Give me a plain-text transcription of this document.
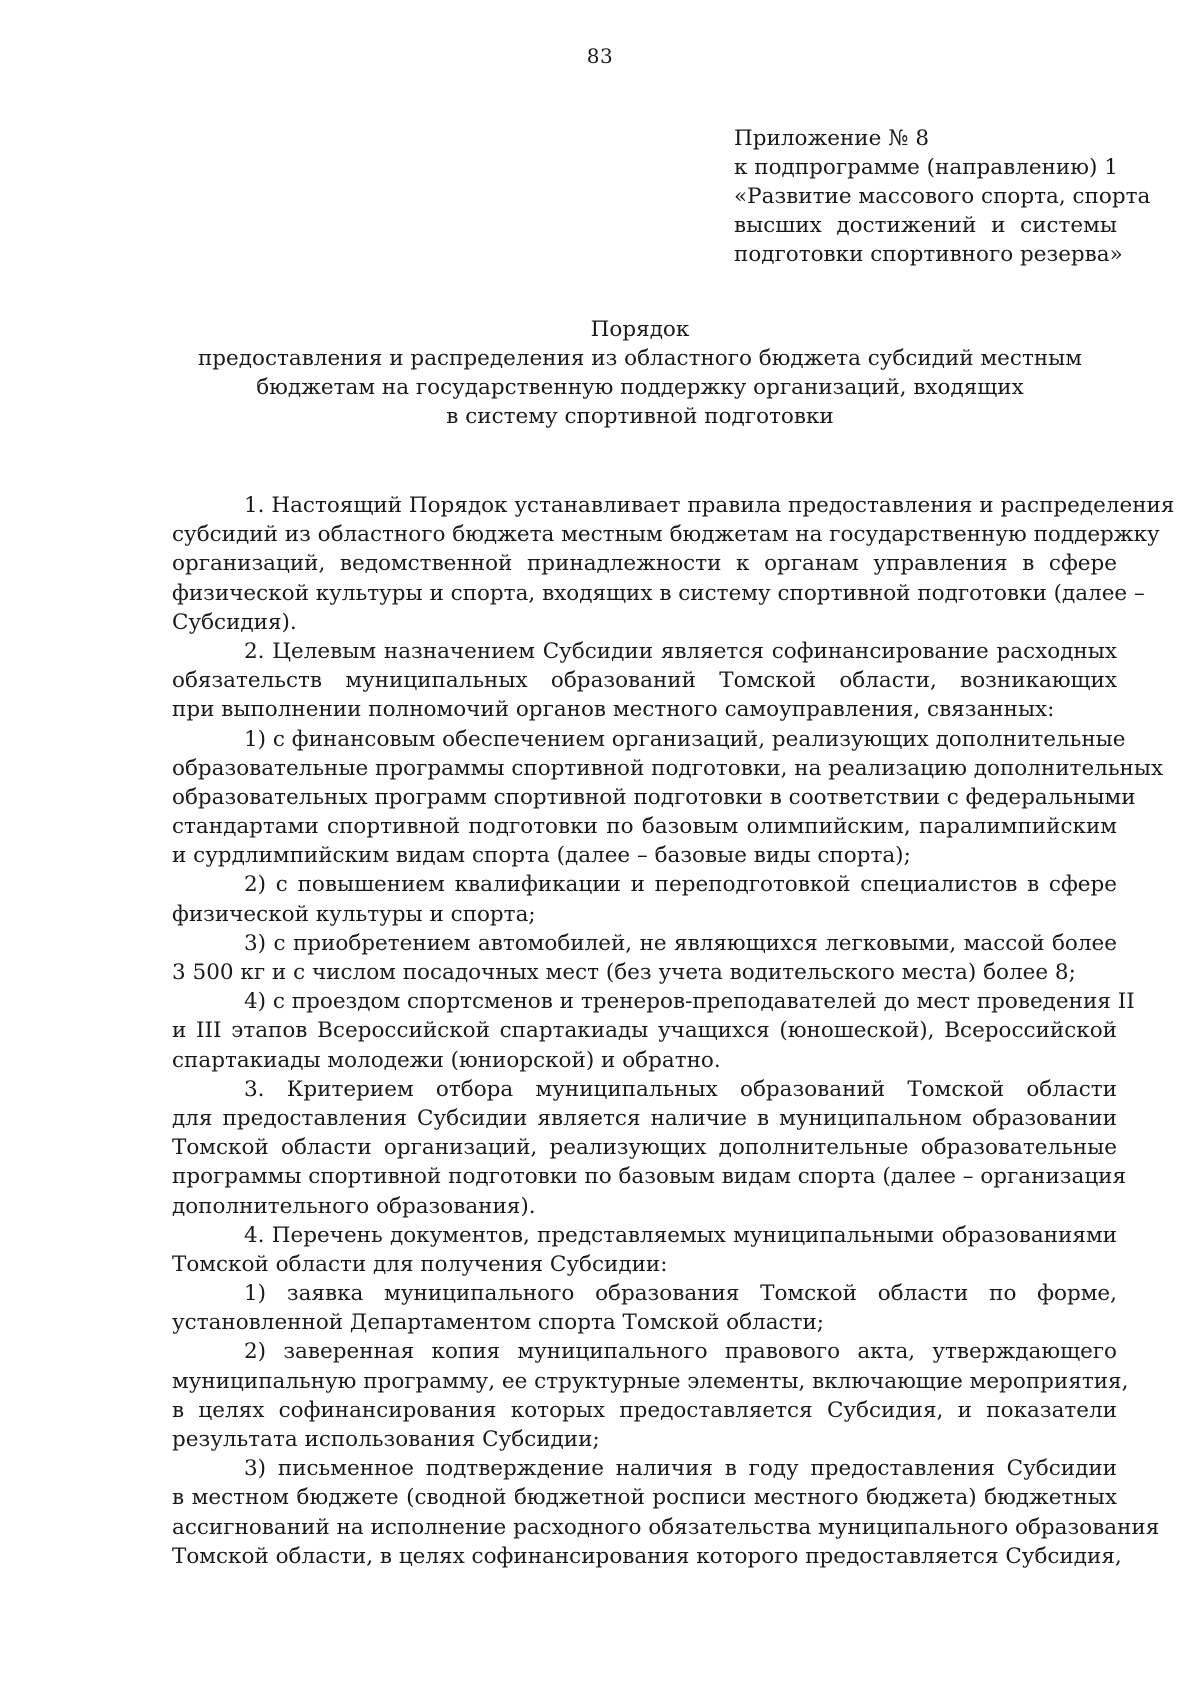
83
Приложение № 8
к подпрограмме (направлению) 1
«Развитие массового спорта, спорта
высших достижений и системы
подготовки спортивного резерва»
Порядок
предоставления и распределения из областного бюджета субсидий местным
бюджетам на государственную поддержку организаций, входящих
в систему спортивной подготовки
1. Настоящий Порядок устанавливает правила предоставления и распределения
субсидий из областного бюджета местным бюджетам на государственную поддержку
организаций, ведомственной принадлежности к органам управления в сфере
физической культуры и спорта, входящих в систему спортивной подготовки (далее –
Субсидия).
2. Целевым назначением Субсидии является софинансирование расходных
обязательств муниципальных образований Томской области, возникающих
при выполнении полномочий органов местного самоуправления, связанных:
1) с финансовым обеспечением организаций, реализующих дополнительные
образовательные программы спортивной подготовки, на реализацию дополнительных
образовательных программ спортивной подготовки в соответствии с федеральными
стандартами спортивной подготовки по базовым олимпийским, паралимпийским
и сурдлимпийским видам спорта (далее – базовые виды спорта);
2) с повышением квалификации и переподготовкой специалистов в сфере
физической культуры и спорта;
3) с приобретением автомобилей, не являющихся легковыми, массой более
3 500 кг и с числом посадочных мест (без учета водительского места) более 8;
4) с проездом спортсменов и тренеров-преподавателей до мест проведения II
и III этапов Всероссийской спартакиады учащихся (юношеской), Всероссийской
спартакиады молодежи (юниорской) и обратно.
3. Критерием отбора муниципальных образований Томской области
для предоставления Субсидии является наличие в муниципальном образовании
Томской области организаций, реализующих дополнительные образовательные
программы спортивной подготовки по базовым видам спорта (далее – организация
дополнительного образования).
4. Перечень документов, представляемых муниципальными образованиями
Томской области для получения Субсидии:
1) заявка муниципального образования Томской области по форме,
установленной Департаментом спорта Томской области;
2) заверенная копия муниципального правового акта, утверждающего
муниципальную программу, ее структурные элементы, включающие мероприятия,
в целях софинансирования которых предоставляется Субсидия, и показатели
результата использования Субсидии;
3) письменное подтверждение наличия в году предоставления Субсидии
в местном бюджете (сводной бюджетной росписи местного бюджета) бюджетных
ассигнований на исполнение расходного обязательства муниципального образования
Томской области, в целях софинансирования которого предоставляется Субсидия,
